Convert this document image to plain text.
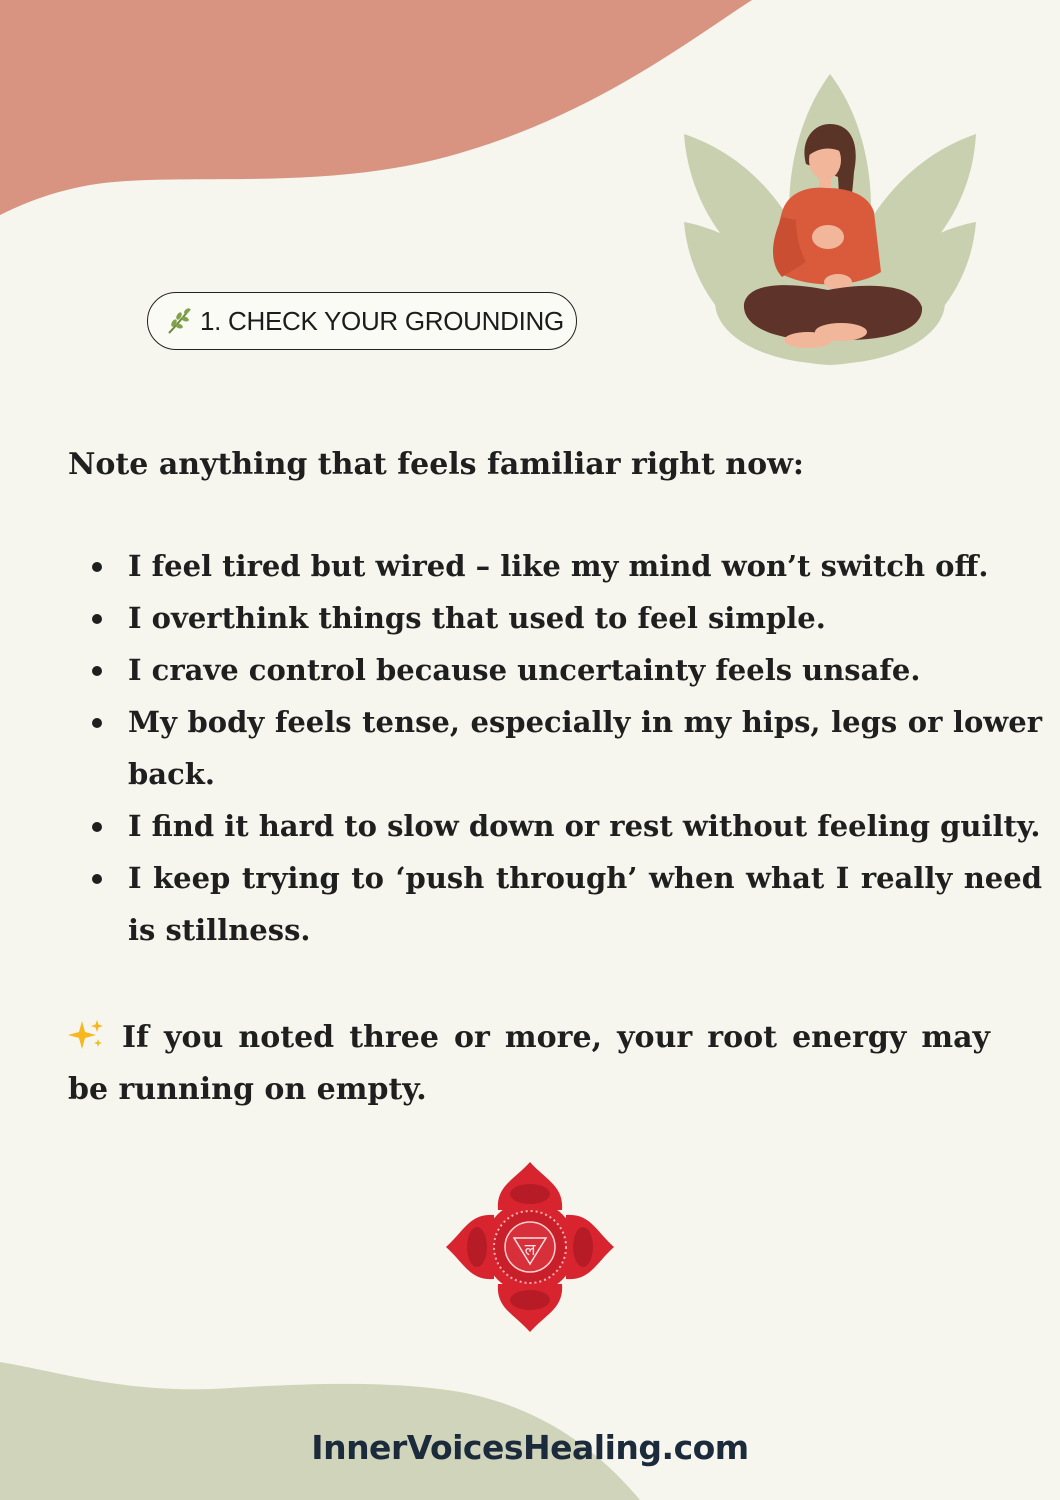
1. CHECK YOUR GROUNDING

Note anything that feels familiar right now:

I feel tired but wired – like my mind won’t switch off.
I overthink things that used to feel simple.
I crave control because uncertainty feels unsafe.
My body feels tense, especially in my hips, legs or lower back.
I find it hard to slow down or rest without feeling guilty.
I keep trying to ‘push through’ when what I really need is stillness.

If you noted three or more, your root energy may be running on empty.

ल
InnerVoicesHealing.com
